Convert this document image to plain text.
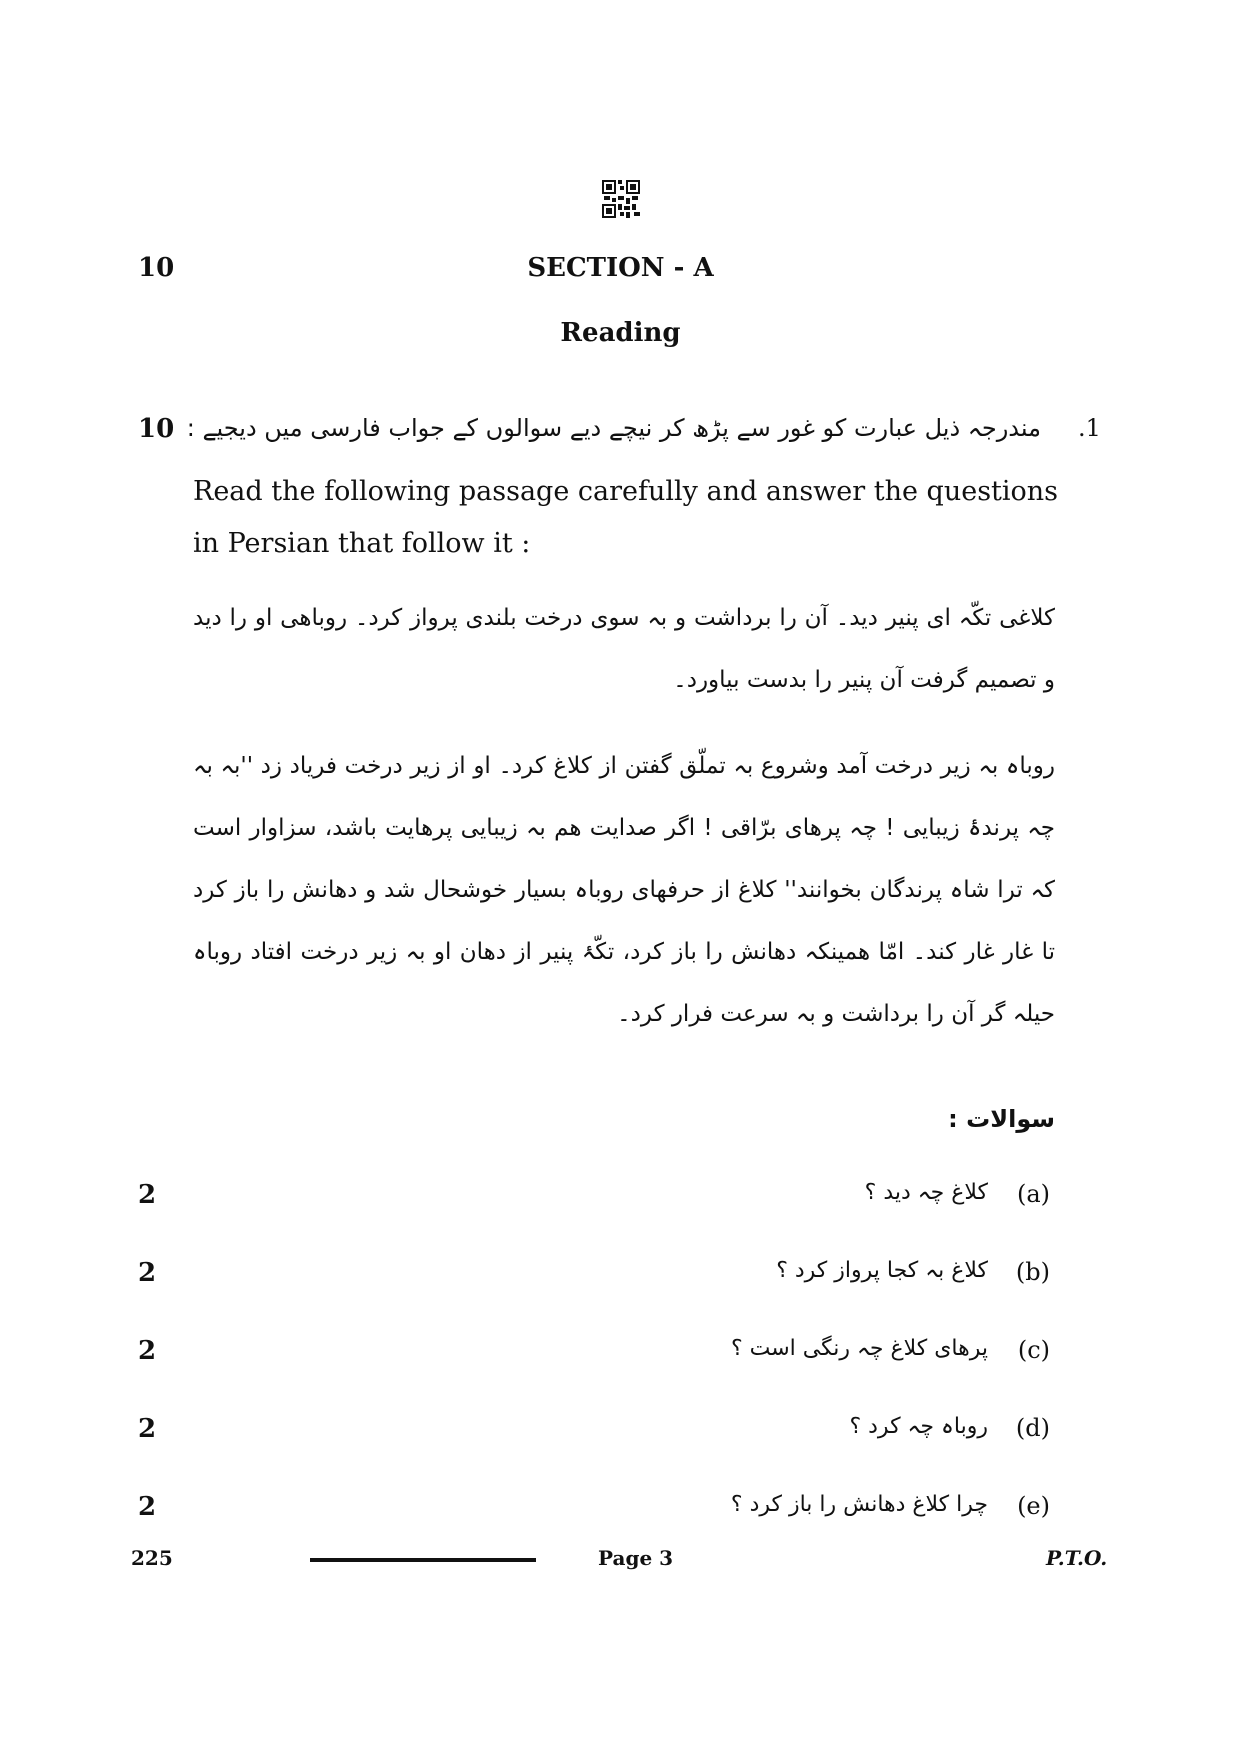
10	SECTION - A
Reading
10	.1
مندرجہ ذیل عبارت کو غور سے پڑھ کر نیچے دیے سوالوں کے جواب فارسی میں دیجیے :
Read the following passage carefully and answer the questions
in Persian that follow it :
کلاغی تکّہ ای پنیر دید۔ آن را برداشت و بہ سوی درخت بلندی پرواز کرد۔ روباهی او را دید و تصمیم گرفت آن پنیر را بدست بیاورد۔
روباہ بہ زیر درخت آمد وشروع بہ تملّق گفتن از کلاغ کرد۔ او از زیر درخت فریاد زد ''بہ بہ چہ پرندۂ زیبایی ! چہ پرهای برّاقی ! اگر صدایت هم بہ زیبایی پرهایت باشد، سزاوار است کہ ترا شاہ پرندگان بخوانند'' کلاغ از حرفهای روباہ بسیار خوشحال شد و دهانش را باز کرد تا غار غار کند۔ امّا همینکہ دهانش را باز کرد، تکّۂ پنیر از دهان او بہ زیر درخت افتاد روباہ حیلہ گر آن را برداشت و بہ سرعت فرار کرد۔
سوالات :
2	(a)
کلاغ چہ دید ؟
2	(b)
کلاغ بہ کجا پرواز کرد ؟
2	(c)
پرهای کلاغ چہ رنگی است ؟
2	(d)
روباہ چہ کرد ؟
2	(e)
چرا کلاغ دهانش را باز کرد ؟
225	Page 3	P.T.O.
